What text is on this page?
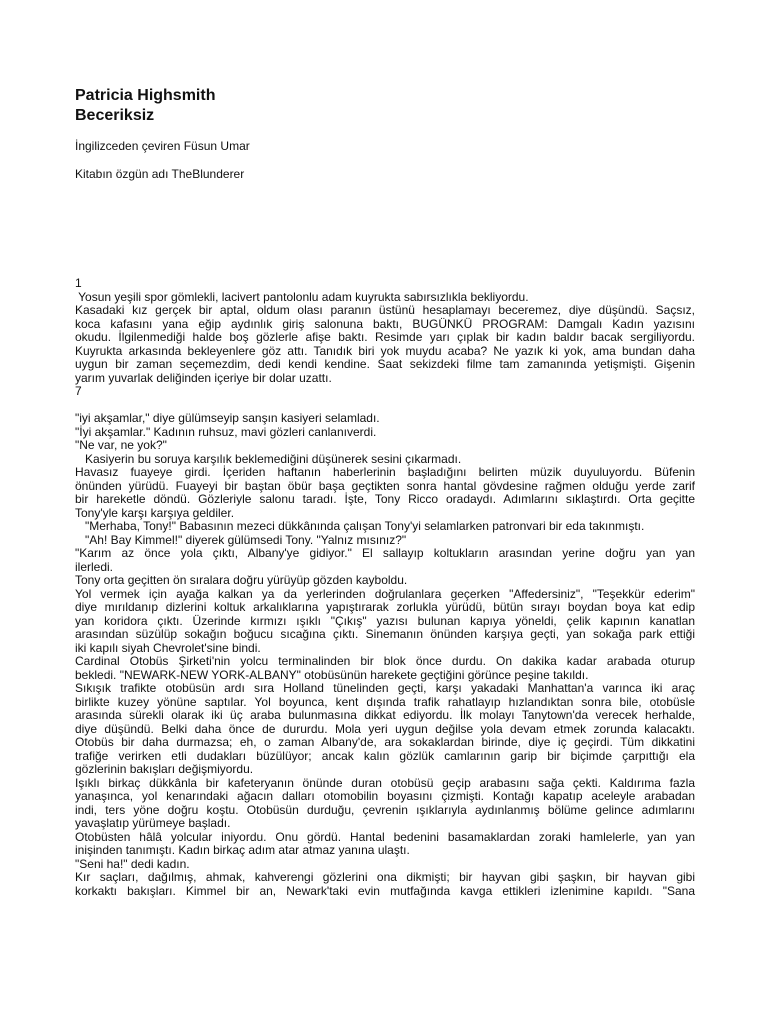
Patricia Highsmith
Beceriksiz

İngilizceden çeviren Füsun Umar

Kitabın özgün adı TheBlunderer

1
Yosun yeşili spor gömlekli, lacivert pantolonlu adam kuyrukta sabırsızlıkla bekliyordu.
Kasadaki kız gerçek bir aptal, oldum olası paranın üstünü hesaplamayı beceremez, diye düşündü. Saçsız,
koca kafasını yana eğip aydınlık giriş salonuna baktı, BUGÜNKÜ PROGRAM: Damgalı Kadın yazısını
okudu. İlgilenmediği halde boş gözlerle afişe baktı. Resimde yarı çıplak bir kadın baldır bacak sergiliyordu.
Kuyrukta arkasında bekleyenlere göz attı. Tanıdık biri yok muydu acaba? Ne yazık ki yok, ama bundan daha
uygun bir zaman seçemezdim, dedi kendi kendine. Saat sekizdeki filme tam zamanında yetişmişti. Gişenin
yarım yuvarlak deliğinden içeriye bir dolar uzattı.
7
"iyi akşamlar," diye gülümseyip sanşın kasiyeri selamladı.
"İyi akşamlar." Kadının ruhsuz, mavi gözleri canlanıverdi.
"Ne var, ne yok?"
Kasiyerin bu soruya karşılık beklemediğini düşünerek sesini çıkarmadı.
Havasız fuayeye girdi. İçeriden haftanın haberlerinin başladığını belirten müzik duyuluyordu. Büfenin
önünden yürüdü. Fuayeyi bir baştan öbür başa geçtikten sonra hantal gövdesine rağmen olduğu yerde zarif
bir hareketle döndü. Gözleriyle salonu taradı. İşte, Tony Ricco oradaydı. Adımlarını sıklaştırdı. Orta geçitte
Tony'yle karşı karşıya geldiler.
"Merhaba, Tony!" Babasının mezeci dükkânında çalışan Tony'yi selamlarken patronvari bir eda takınmıştı.
"Ah! Bay Kimmel!" diyerek gülümsedi Tony. "Yalnız mısınız?"
"Karım az önce yola çıktı, Albany'ye gidiyor." El sallayıp koltukların arasından yerine doğru yan yan
ilerledi.
Tony orta geçitten ön sıralara doğru yürüyüp gözden kayboldu.
Yol vermek için ayağa kalkan ya da yerlerinden doğrulanlara geçerken "Affedersiniz", "Teşekkür ederim"
diye mırıldanıp dizlerini koltuk arkalıklarına yapıştırarak zorlukla yürüdü, bütün sırayı boydan boya kat edip
yan koridora çıktı. Üzerinde kırmızı ışıklı "Çıkış" yazısı bulunan kapıya yöneldi, çelik kapının kanatlan
arasından süzülüp sokağın boğucu sıcağına çıktı. Sinemanın önünden karşıya geçti, yan sokağa park ettiği
iki kapılı siyah Chevrolet'sine bindi.
Cardinal Otobüs Şirketi'nin yolcu terminalinden bir blok önce durdu. On dakika kadar arabada oturup
bekledi. "NEWARK-NEW YORK-ALBANY" otobüsünün harekete geçtiğini görünce peşine takıldı.
Sıkışık trafikte otobüsün ardı sıra Holland tünelinden geçti, karşı yakadaki Manhattan'a varınca iki araç
birlikte kuzey yönüne saptılar. Yol boyunca, kent dışında trafik rahatlayıp hızlandıktan sonra bile, otobüsle
arasında sürekli olarak iki üç araba bulunmasına dikkat ediyordu. İlk molayı Tanytown'da verecek herhalde,
diye düşündü. Belki daha önce de dururdu. Mola yeri uygun değilse yola devam etmek zorunda kalacaktı.
Otobüs bir daha durmazsa; eh, o zaman Albany'de, ara sokaklardan birinde, diye iç geçirdi. Tüm dikkatini
trafiğe verirken etli dudakları büzülüyor; ancak kalın gözlük camlarının garip bir biçimde çarpıttığı ela
gözlerinin bakışları değişmiyordu.
Işıklı birkaç dükkânla bir kafeteryanın önünde duran otobüsü geçip arabasını sağa çekti. Kaldırıma fazla
yanaşınca, yol kenarındaki ağacın dalları otomobilin boyasını çizmişti. Kontağı kapatıp aceleyle arabadan
indi, ters yöne doğru koştu. Otobüsün durduğu, çevrenin ışıklarıyla aydınlanmış bölüme gelince adımlarını
yavaşlatıp yürümeye başladı.
Otobüsten hâlâ yolcular iniyordu. Onu gördü. Hantal bedenini basamaklardan zoraki hamlelerle, yan yan
inişinden tanımıştı. Kadın birkaç adım atar atmaz yanına ulaştı.
"Seni ha!" dedi kadın.
Kır saçları, dağılmış, ahmak, kahverengi gözlerini ona dikmişti; bir hayvan gibi şaşkın, bir hayvan gibi
korkaktı bakışları. Kimmel bir an, Newark'taki evin mutfağında kavga ettikleri izlenimine kapıldı. "Sana
